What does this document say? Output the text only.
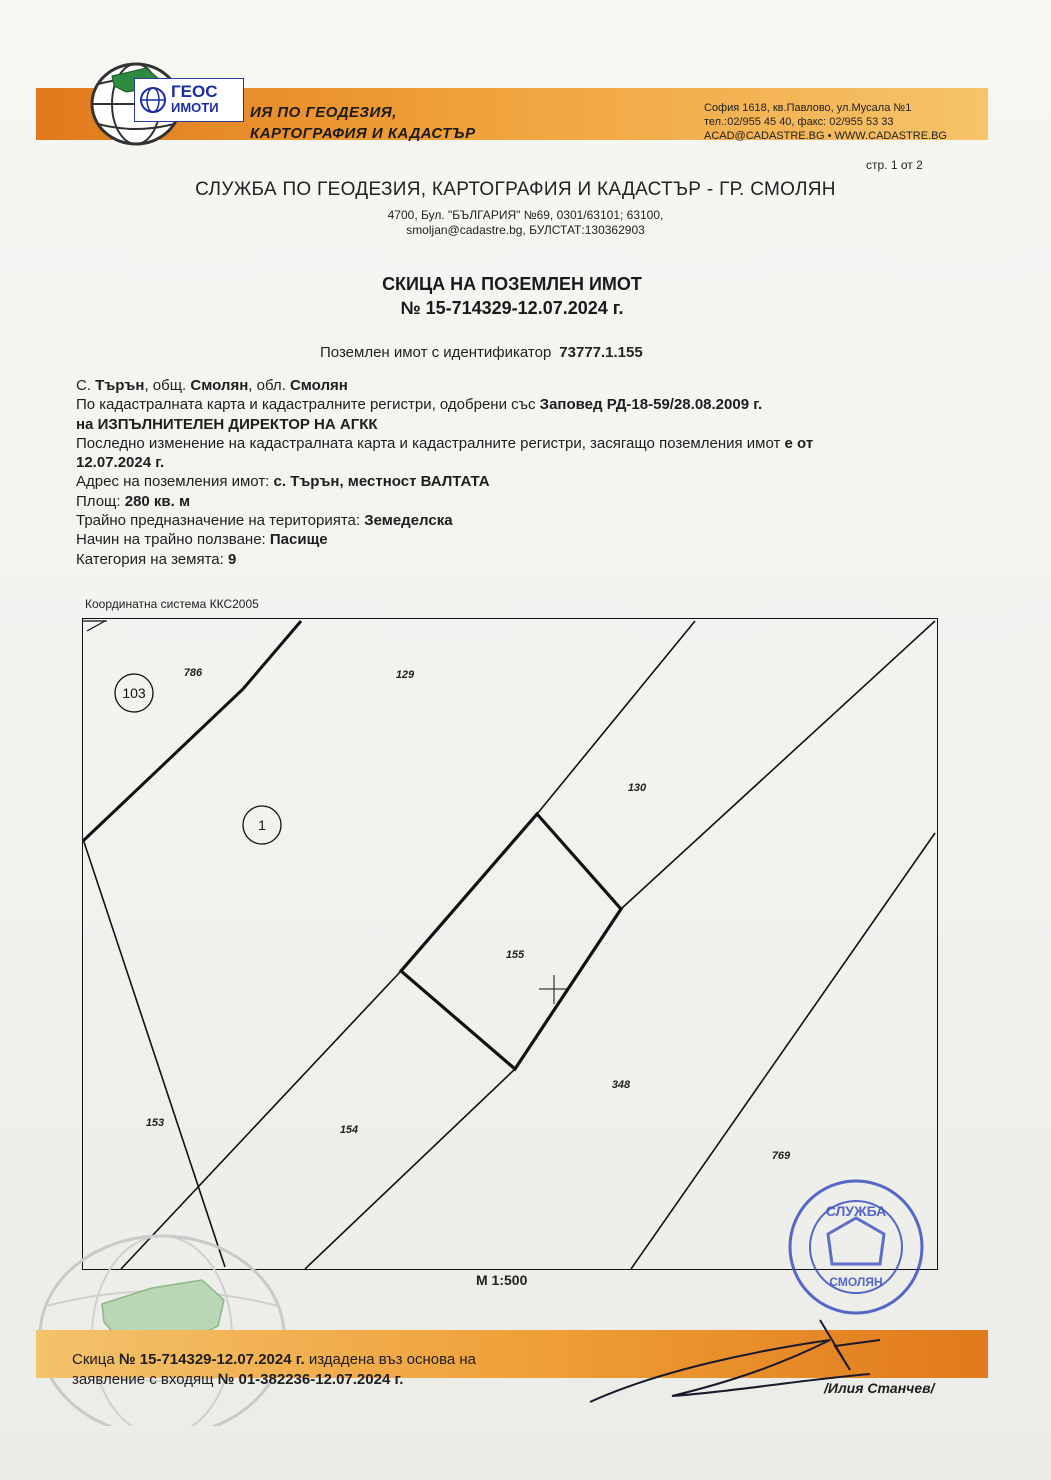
ГЕОС
ИМОТИ ИЯ ПО ГЕОДЕЗИЯ,
КАРТОГРАФИЯ И КАДАСТЪР
София 1618, кв.Павлово, ул.Мусала №1
тел.:02/955 45 40, факс: 02/955 53 33
ACAD@CADASTRE.BG • WWW.CADASTRE.BG
стр. 1 от 2
СЛУЖБА ПО ГЕОДЕЗИЯ, КАРТОГРАФИЯ И КАДАСТЪР - ГР. СМОЛЯН
4700, Бул. "БЪЛГАРИЯ" №69, 0301/63101; 63100,
smoljan@cadastre.bg, БУЛСТАТ:130362903
СКИЦА НА ПОЗЕМЛЕН ИМОТ
№ 15-714329-12.07.2024 г.
Поземлен имот с идентификатор 73777.1.155
С. Търън, общ. Смолян, обл. Смолян
По кадастралната карта и кадастралните регистри, одобрени със Заповед РД-18-59/28.08.2009 г.
на ИЗПЪЛНИТЕЛЕН ДИРЕКТОР НА АГКК
Последно изменение на кадастралната карта и кадастралните регистри, засягащо поземления имот е от
12.07.2024 г.
Адрес на поземления имот: с. Търън, местност ВАЛТАТА
Площ: 280 кв. м
Трайно предназначение на територията: Земеделска
Начин на трайно ползване: Пасище
Категория на земята: 9
Координатна система ККС2005
103
1
786	129
130
155
348
153
154
769
М 1:500
СЛУЖБА
СМОЛЯН
Скица № 15-714329-12.07.2024 г. издадена въз основа на
заявление с входящ № 01-382236-12.07.2024 г.	/Илия Станчев/
